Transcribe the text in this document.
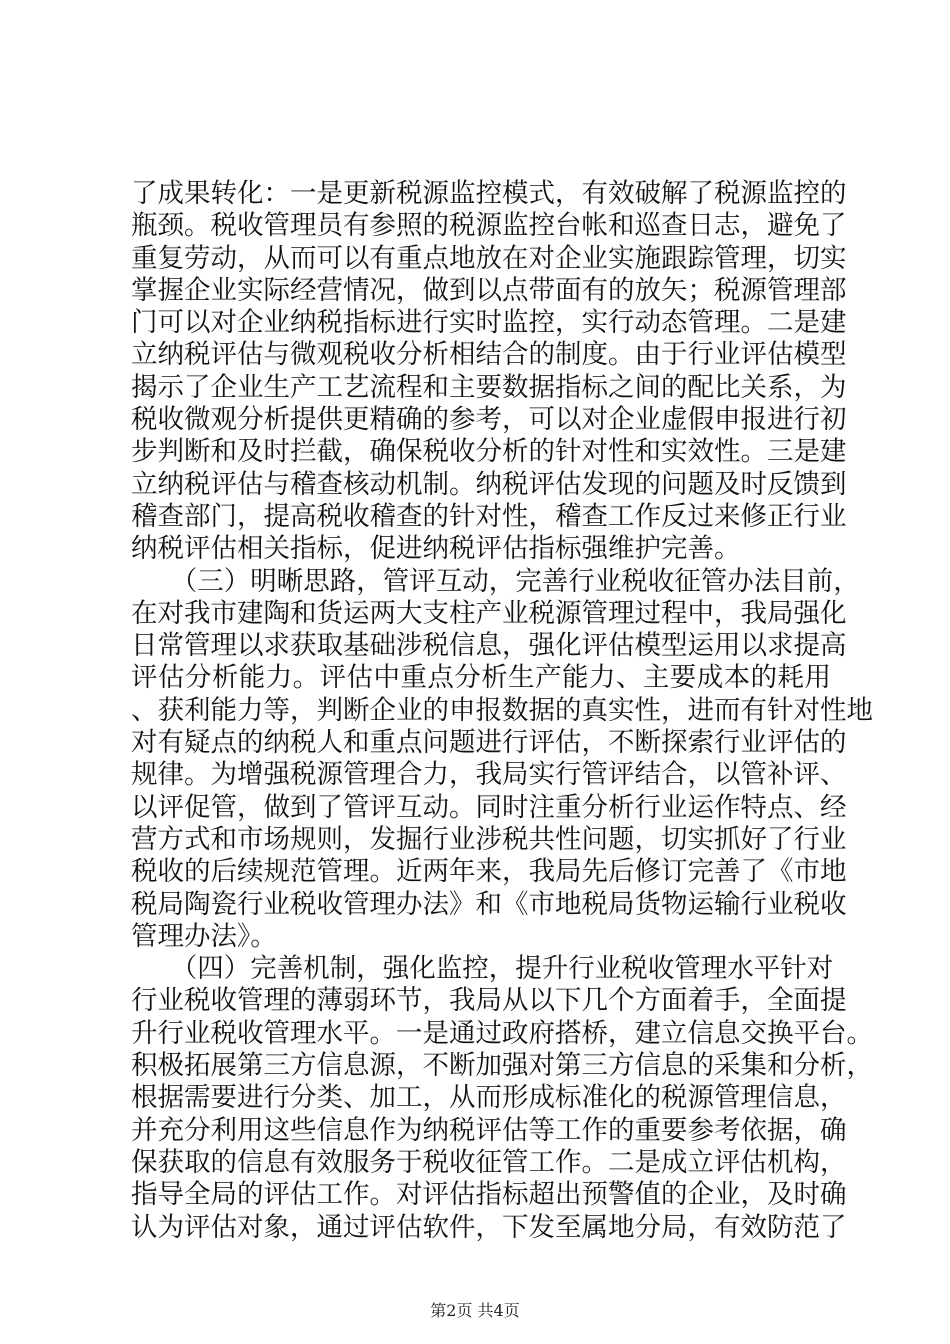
了成果转化：一是更新税源监控模式，有效破解了税源监控的
瓶颈。税收管理员有参照的税源监控台帐和巡查日志，避免了
重复劳动，从而可以有重点地放在对企业实施跟踪管理，切实
掌握企业实际经营情况，做到以点带面有的放矢；税源管理部
门可以对企业纳税指标进行实时监控，实行动态管理。二是建
立纳税评估与微观税收分析相结合的制度。由于行业评估模型
揭示了企业生产工艺流程和主要数据指标之间的配比关系，为
税收微观分析提供更精确的参考，可以对企业虚假申报进行初
步判断和及时拦截，确保税收分析的针对性和实效性。三是建
立纳税评估与稽查核动机制。纳税评估发现的问题及时反馈到
稽查部门，提高税收稽查的针对性，稽查工作反过来修正行业
纳税评估相关指标，促进纳税评估指标强维护完善。
　　（三）明晰思路，管评互动，完善行业税收征管办法目前，
在对我市建陶和货运两大支柱产业税源管理过程中，我局强化
日常管理以求获取基础涉税信息，强化评估模型运用以求提高
评估分析能力。评估中重点分析生产能力、主要成本的耗用
、获利能力等，判断企业的申报数据的真实性，进而有针对性地
对有疑点的纳税人和重点问题进行评估，不断探索行业评估的
规律。为增强税源管理合力，我局实行管评结合，以管补评、
以评促管，做到了管评互动。同时注重分析行业运作特点、经
营方式和市场规则，发掘行业涉税共性问题，切实抓好了行业
税收的后续规范管理。近两年来，我局先后修订完善了《市地
税局陶瓷行业税收管理办法》和《市地税局货物运输行业税收
管理办法》。
　　（四）完善机制，强化监控，提升行业税收管理水平针对
行业税收管理的薄弱环节，我局从以下几个方面着手，全面提
升行业税收管理水平。一是通过政府搭桥，建立信息交换平台。
积极拓展第三方信息源，不断加强对第三方信息的采集和分析，
根据需要进行分类、加工，从而形成标准化的税源管理信息，
并充分利用这些信息作为纳税评估等工作的重要参考依据，确
保获取的信息有效服务于税收征管工作。二是成立评估机构，
指导全局的评估工作。对评估指标超出预警值的企业，及时确
认为评估对象，通过评估软件，下发至属地分局，有效防范了
第2页 共4页
